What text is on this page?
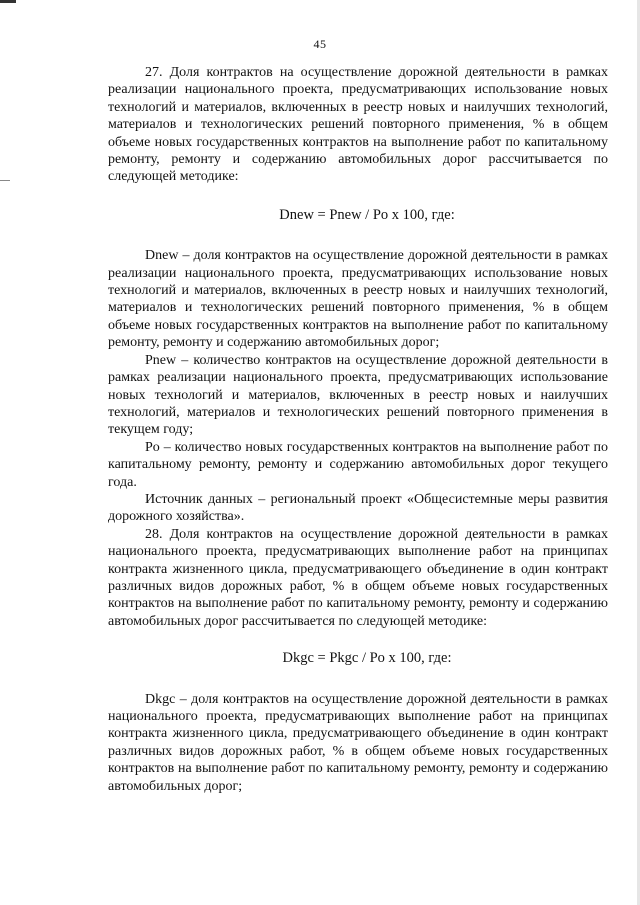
45

27. Доля контрактов на осуществление дорожной деятельности в рамках реализации национального проекта, предусматривающих использование новых технологий и материалов, включенных в реестр новых и наилучших технологий, материалов и технологических решений повторного применения, % в общем объеме новых государственных контрактов на выполнение работ по капитальному ремонту, ремонту и содержанию автомобильных дорог рассчитывается по следующей методике:

Dnew = Pnew / Po x 100, где:

Dnew – доля контрактов на осуществление дорожной деятельности в рамках реализации национального проекта, предусматривающих использование новых технологий и материалов, включенных в реестр новых и наилучших технологий, материалов и технологических решений повторного применения, % в общем объеме новых государственных контрактов на выполнение работ по капитальному ремонту, ремонту и содержанию автомобильных дорог;

Pnew – количество контрактов на осуществление дорожной деятельности в рамках реализации национального проекта, предусматривающих использование новых технологий и материалов, включенных в реестр новых и наилучших технологий, материалов и технологических решений повторного применения в текущем году;

Po – количество новых государственных контрактов на выполнение работ по капитальному ремонту, ремонту и содержанию автомобильных дорог текущего года.

Источник данных – региональный проект «Общесистемные меры развития дорожного хозяйства».

28. Доля контрактов на осуществление дорожной деятельности в рамках национального проекта, предусматривающих выполнение работ на принципах контракта жизненного цикла, предусматривающего объединение в один контракт различных видов дорожных работ, % в общем объеме новых государственных контрактов на выполнение работ по капитальному ремонту, ремонту и содержанию автомобильных дорог рассчитывается по следующей методике:

Dkgc = Pkgc / Po x 100, где:

Dkgc – доля контрактов на осуществление дорожной деятельности в рамках национального проекта, предусматривающих выполнение работ на принципах контракта жизненного цикла, предусматривающего объединение в один контракт различных видов дорожных работ, % в общем объеме новых государственных контрактов на выполнение работ по капитальному ремонту, ремонту и содержанию автомобильных дорог;
